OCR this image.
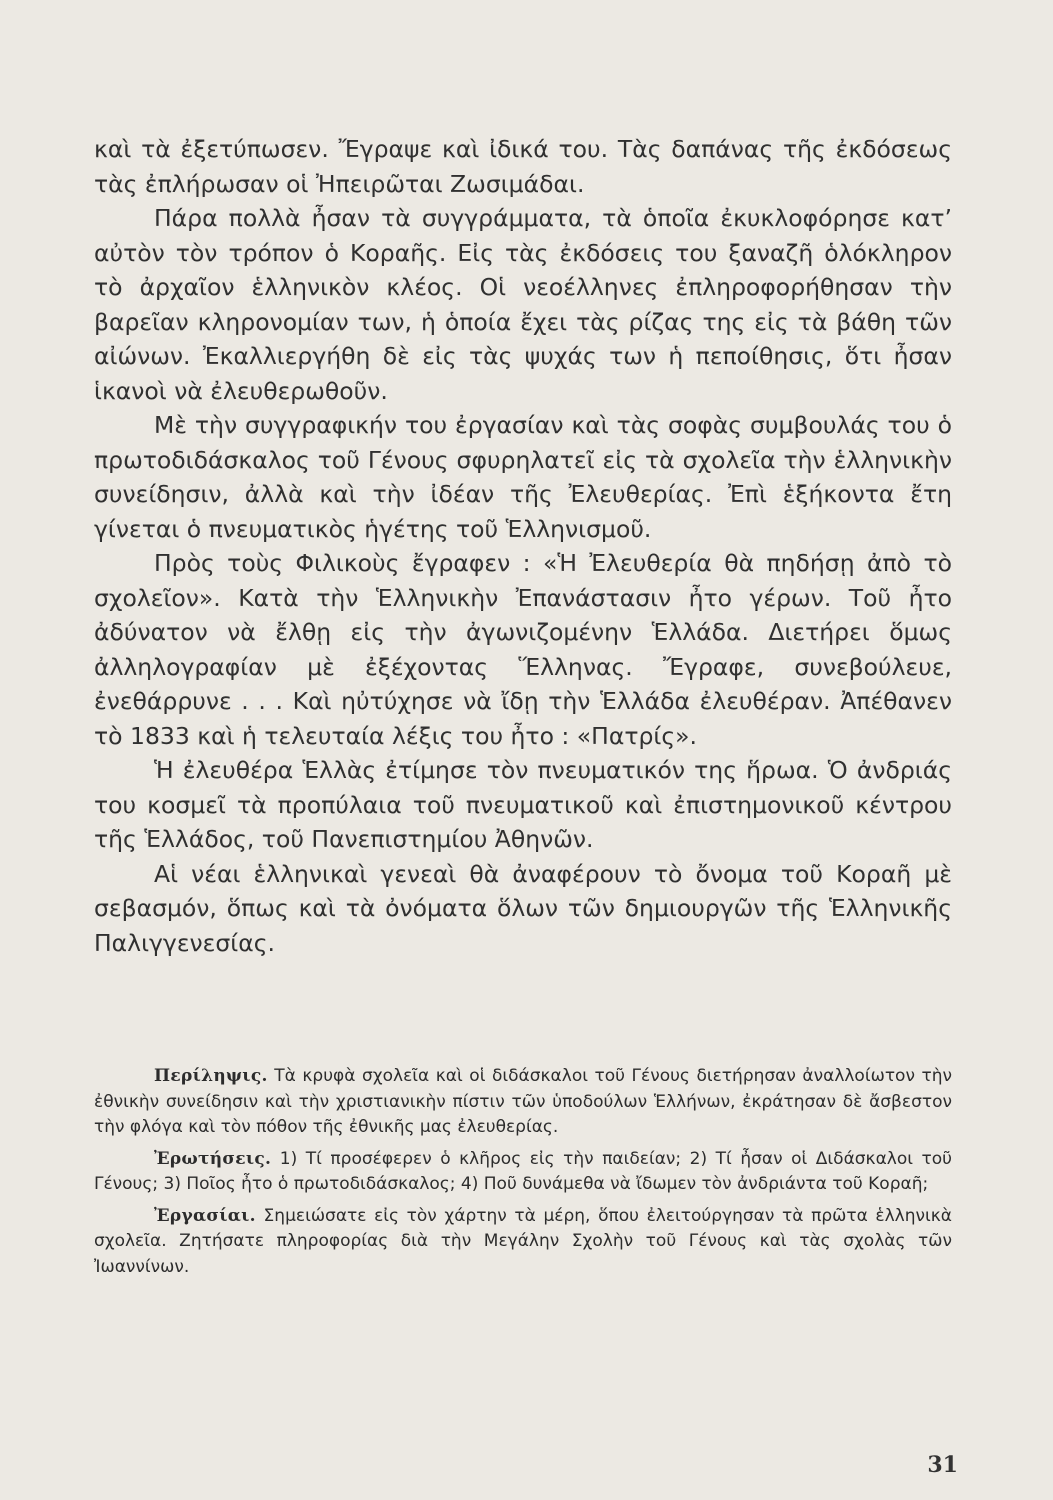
καὶ τὰ ἐξετύπωσεν. Ἔγραψε καὶ ἰδικά του. Τὰς δαπάνας τῆς ἐκδόσεως τὰς ἐπλήρωσαν οἱ Ἠπειρῶται Ζωσιμάδαι.

Πάρα πολλὰ ἦσαν τὰ συγγράμματα, τὰ ὁποῖα ἐκυκλοφόρησε κατ’ αὐτὸν τὸν τρόπον ὁ Κοραῆς. Εἰς τὰς ἐκδόσεις του ξαναζῆ ὁλόκληρον τὸ ἀρχαῖον ἑλληνικὸν κλέος. Οἱ νεοέλληνες ἐπληροφορήθησαν τὴν βαρεῖαν κληρονομίαν των, ἡ ὁποία ἔχει τὰς ρίζας της εἰς τὰ βάθη τῶν αἰώνων. Ἐκαλλιεργήθη δὲ εἰς τὰς ψυχάς των ἡ πεποίθησις, ὅτι ἦσαν ἱκανοὶ νὰ ἐλευθερωθοῦν.

Μὲ τὴν συγγραφικήν του ἐργασίαν καὶ τὰς σοφὰς συμβουλάς του ὁ πρωτοδιδάσκαλος τοῦ Γένους σφυρηλατεῖ εἰς τὰ σχολεῖα τὴν ἑλληνικὴν συνείδησιν, ἀλλὰ καὶ τὴν ἰδέαν τῆς Ἐλευθερίας. Ἐπὶ ἑξήκοντα ἔτη γίνεται ὁ πνευματικὸς ἡγέτης τοῦ Ἑλληνισμοῦ.

Πρὸς τοὺς Φιλικοὺς ἔγραφεν : «Ἡ Ἐλευθερία θὰ πηδήσῃ ἀπὸ τὸ σχολεῖον». Κατὰ τὴν Ἑλληνικὴν Ἐπανάστασιν ἦτο γέρων. Τοῦ ἦτο ἀδύνατον νὰ ἔλθῃ εἰς τὴν ἀγωνιζομένην Ἑλλάδα. Διετήρει ὅμως ἀλληλογραφίαν μὲ ἐξέχοντας Ἕλληνας. Ἔγραφε, συνεβούλευε, ἐνεθάρρυνε . . . Καὶ ηὐτύχησε νὰ ἴδῃ τὴν Ἑλλάδα ἐλευθέραν. Ἀπέθανεν τὸ 1833 καὶ ἡ τελευταία λέξις του ἦτο : «Πατρίς».

Ἡ ἐλευθέρα Ἑλλὰς ἐτίμησε τὸν πνευματικόν της ἥρωα. Ὁ ἀνδριάς του κοσμεῖ τὰ προπύλαια τοῦ πνευματικοῦ καὶ ἐπιστημονικοῦ κέντρου τῆς Ἑλλάδος, τοῦ Πανεπιστημίου Ἀθηνῶν.

Αἱ νέαι ἑλληνικαὶ γενεαὶ θὰ ἀναφέρουν τὸ ὄνομα τοῦ Κοραῆ μὲ σεβασμόν, ὅπως καὶ τὰ ὀνόματα ὅλων τῶν δημιουργῶν τῆς Ἑλληνικῆς Παλιγγενεσίας.

Περίληψις. Τὰ κρυφὰ σχολεῖα καὶ οἱ διδάσκαλοι τοῦ Γένους διετήρησαν ἀναλλοίωτον τὴν ἐθνικὴν συνείδησιν καὶ τὴν χριστιανικὴν πίστιν τῶν ὑποδούλων Ἑλλήνων, ἐκράτησαν δὲ ἄσβεστον τὴν φλόγα καὶ τὸν πόθον τῆς ἐθνικῆς μας ἐλευθερίας.

Ἐρωτήσεις. 1) Τί προσέφερεν ὁ κλῆρος εἰς τὴν παιδείαν; 2) Τί ἦσαν οἱ Διδάσκαλοι τοῦ Γένους; 3) Ποῖος ἦτο ὁ πρωτοδιδάσκαλος; 4) Ποῦ δυνάμεθα νὰ ἴδωμεν τὸν ἀνδριάντα τοῦ Κοραῆ;

Ἐργασίαι. Σημειώσατε εἰς τὸν χάρτην τὰ μέρη, ὅπου ἐλειτούργησαν τὰ πρῶτα ἑλληνικὰ σχολεῖα. Ζητήσατε πληροφορίας διὰ τὴν Μεγάλην Σχολὴν τοῦ Γένους καὶ τὰς σχολὰς τῶν Ἰωαννίνων.

31
